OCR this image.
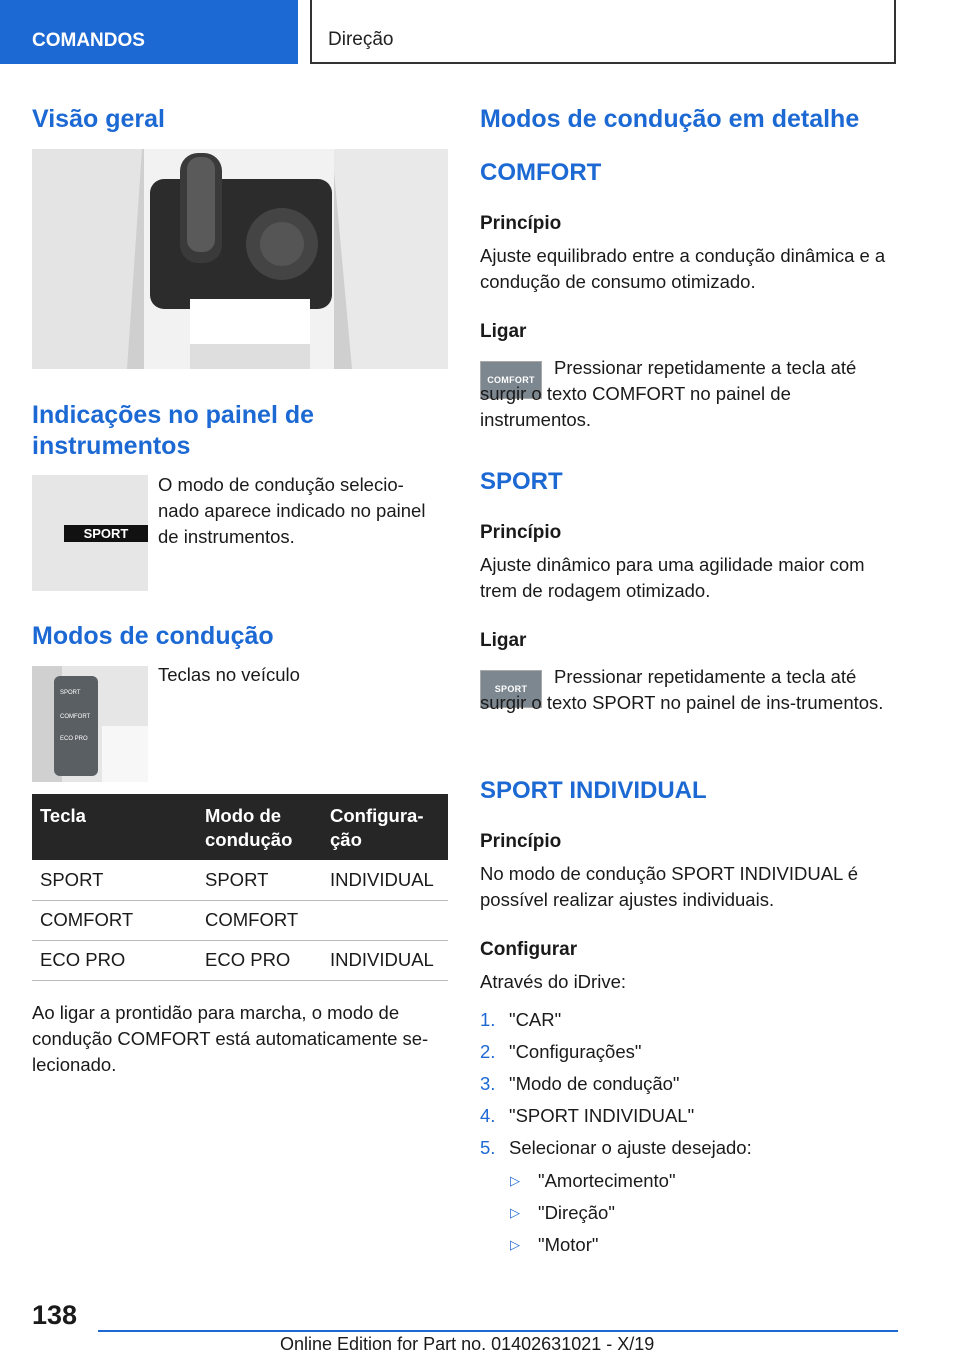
COMANDOS	Direção
Visão geral
Indicações no painel de instrumentos
SPORT

O modo de condução selecio-nado aparece indicado no painel de instrumentos.

Modos de condução
SPORT
COMFORT
ECO PRO

Teclas no veículo

Tecla	Modo de condução	Configura-ção
SPORT	SPORT	INDIVIDUAL
COMFORT	COMFORT	
ECO PRO	ECO PRO	INDIVIDUAL

Ao ligar a prontidão para marcha, o modo de condução COMFORT está automaticamente se-lecionado.

Modos de condução em detalhe
COMFORT
Princípio

Ajuste equilibrado entre a condução dinâmica e a condução de consumo otimizado.

Ligar
COMFORT

Pressionar repetidamente a tecla até surgir o texto COMFORT no painel de instrumentos.

SPORT
Princípio

Ajuste dinâmico para uma agilidade maior com trem de rodagem otimizado.

Ligar
SPORT

Pressionar repetidamente a tecla até surgir o texto SPORT no painel de ins-trumentos.

SPORT INDIVIDUAL
Princípio

No modo de condução SPORT INDIVIDUAL é possível realizar ajustes individuais.

Configurar

Através do iDrive:

1. "CAR"
2. "Configurações"
3. "Modo de condução"
4. "SPORT INDIVIDUAL"
5. Selecionar o ajuste desejado:
▷ "Amortecimento"
▷ "Direção"
▷ "Motor"
138
Online Edition for Part no. 01402631021 - X/19
